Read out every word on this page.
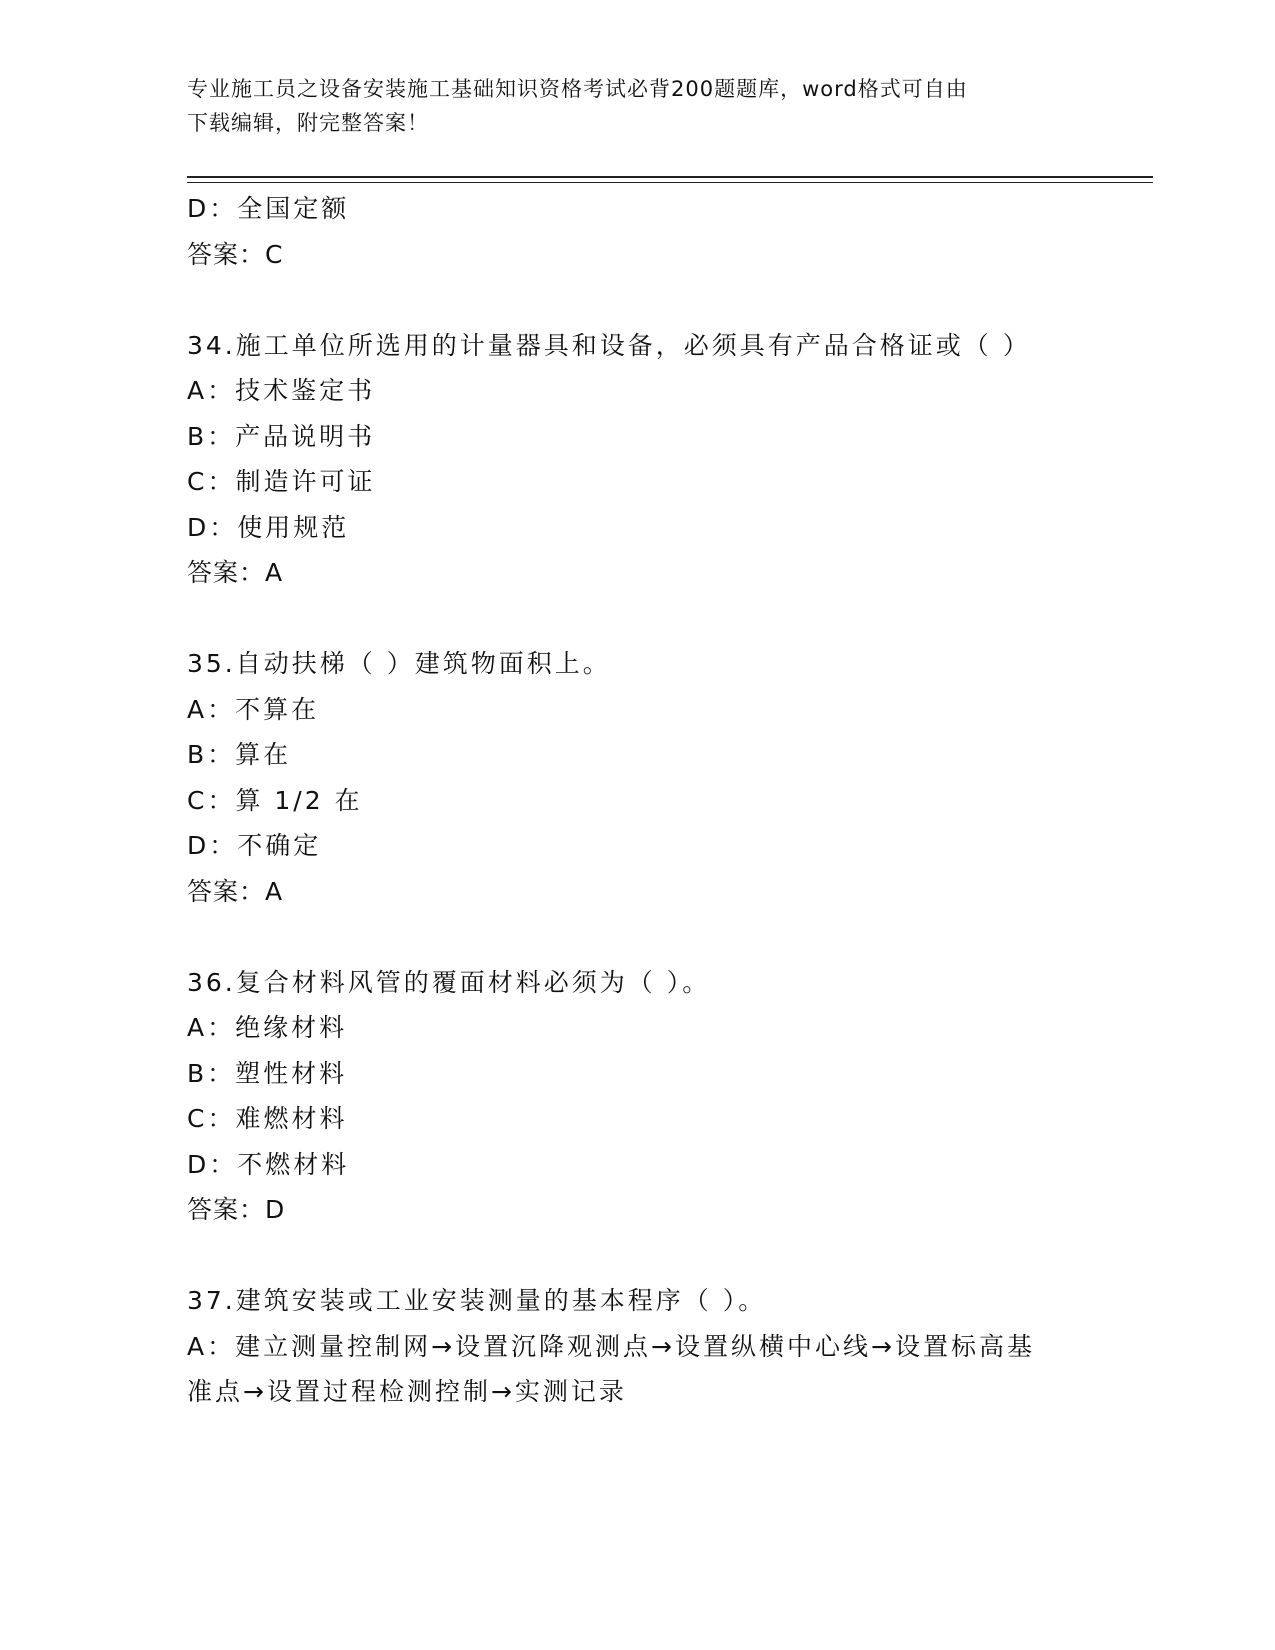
专业施工员之设备安装施工基础知识资格考试必背200题题库，word格式可自由
下载编辑，附完整答案！
D：全国定额
答案：C
34.施工单位所选用的计量器具和设备，必须具有产品合格证或（ ）
A：技术鉴定书
B：产品说明书
C：制造许可证
D：使用规范
答案：A
35.自动扶梯（ ）建筑物面积上。
A：不算在
B：算在
C：算 1/2 在
D：不确定
答案：A
36.复合材料风管的覆面材料必须为（ ）。
A：绝缘材料
B：塑性材料
C：难燃材料
D：不燃材料
答案：D
37.建筑安装或工业安装测量的基本程序（ ）。
A：建立测量控制网→设置沉降观测点→设置纵横中心线→设置标高基
准点→设置过程检测控制→实测记录
